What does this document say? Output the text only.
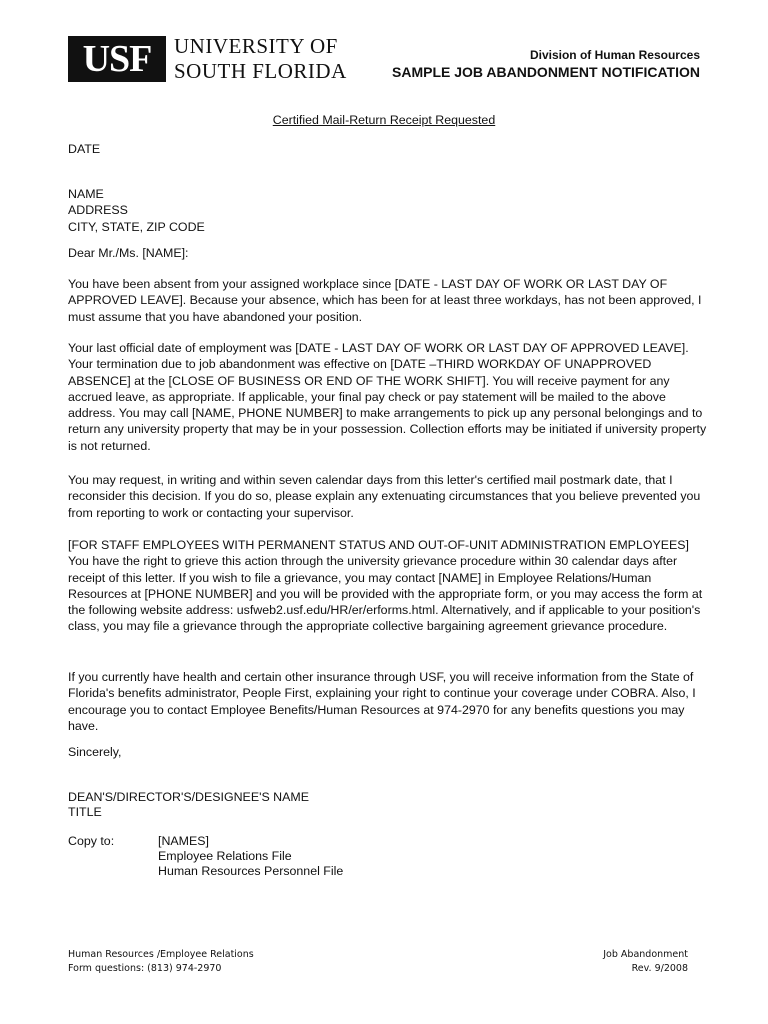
USF	UNIVERSITY OF
SOUTH FLORIDA
Division of Human Resources
SAMPLE JOB ABANDONMENT NOTIFICATION
Certified Mail-Return Receipt Requested
DATE
NAME
ADDRESS
CITY, STATE, ZIP CODE
Dear Mr./Ms. [NAME]:
You have been absent from your assigned workplace since [DATE - LAST DAY OF WORK OR LAST DAY OF APPROVED LEAVE]. Because your absence, which has been for at least three workdays, has not been approved, I must assume that you have abandoned your position.
Your last official date of employment was [DATE - LAST DAY OF WORK OR LAST DAY OF APPROVED LEAVE]. Your termination due to job abandonment was effective on [DATE –THIRD WORKDAY OF UNAPPROVED ABSENCE] at the [CLOSE OF BUSINESS OR END OF THE WORK SHIFT]. You will receive payment for any accrued leave, as appropriate. If applicable, your final pay check or pay statement will be mailed to the above address. You may call [NAME, PHONE NUMBER] to make arrangements to pick up any personal belongings and to return any university property that may be in your possession. Collection efforts may be initiated if university property is not returned.
You may request, in writing and within seven calendar days from this letter's certified mail postmark date, that I reconsider this decision. If you do so, please explain any extenuating circumstances that you believe prevented you from reporting to work or contacting your supervisor.
[FOR STAFF EMPLOYEES WITH PERMANENT STATUS AND OUT-OF-UNIT ADMINISTRATION EMPLOYEES] You have the right to grieve this action through the university grievance procedure within 30 calendar days after receipt of this letter. If you wish to file a grievance, you may contact [NAME] in Employee Relations/Human Resources at [PHONE NUMBER] and you will be provided with the appropriate form, or you may access the form at the following website address: usfweb2.usf.edu/HR/er/erforms.html. Alternatively, and if applicable to your position's class, you may file a grievance through the appropriate collective bargaining agreement grievance procedure.
If you currently have health and certain other insurance through USF, you will receive information from the State of Florida's benefits administrator, People First, explaining your right to continue your coverage under COBRA. Also, I encourage you to contact Employee Benefits/Human Resources at 974-2970 for any benefits questions you may have.
Sincerely,
DEAN'S/DIRECTOR'S/DESIGNEE'S NAME
TITLE
Copy to:	[NAMES]
Employee Relations File
Human Resources Personnel File
Human Resources /Employee Relations
Form questions: (813) 974-2970
Job Abandonment
Rev. 9/2008
